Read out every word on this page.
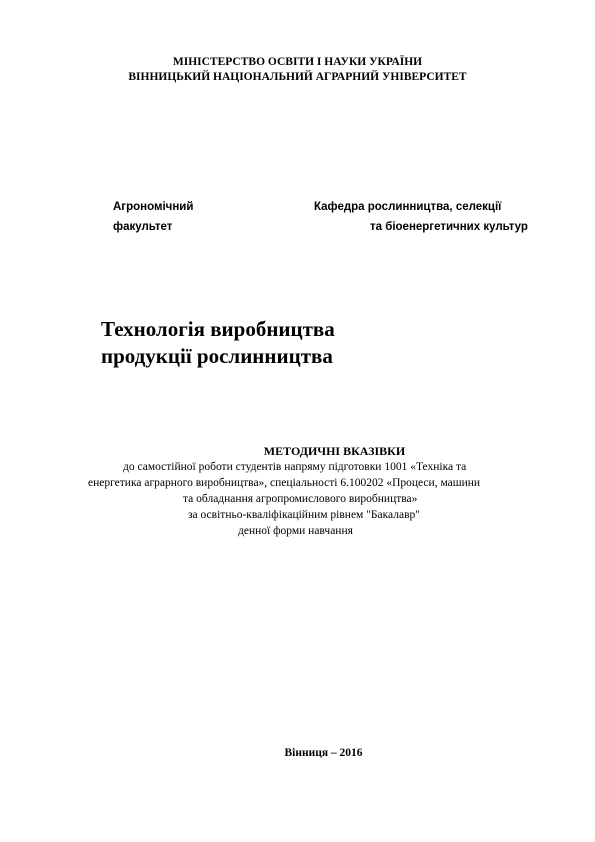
МІНІСТЕРСТВО ОСВІТИ І НАУКИ УКРАЇНИ
ВІННИЦЬКИЙ НАЦІОНАЛЬНИЙ АГРАРНИЙ УНІВЕРСИТЕТ
Агрономічний
факультет
Кафедра рослинництва, селекції
та біоенергетичних культур
Технологія виробництва
продукції рослинництва
МЕТОДИЧНІ ВКАЗІВКИ
до самостійної роботи студентів напряму підготовки 1001 «Техніка та
енергетика аграрного виробництва», спеціальності 6.100202 «Процеси, машини
та обладнання агропромислового виробництва»
за освітньо-кваліфікаційним рівнем "Бакалавр"
денної форми навчання
Вінниця – 2016
